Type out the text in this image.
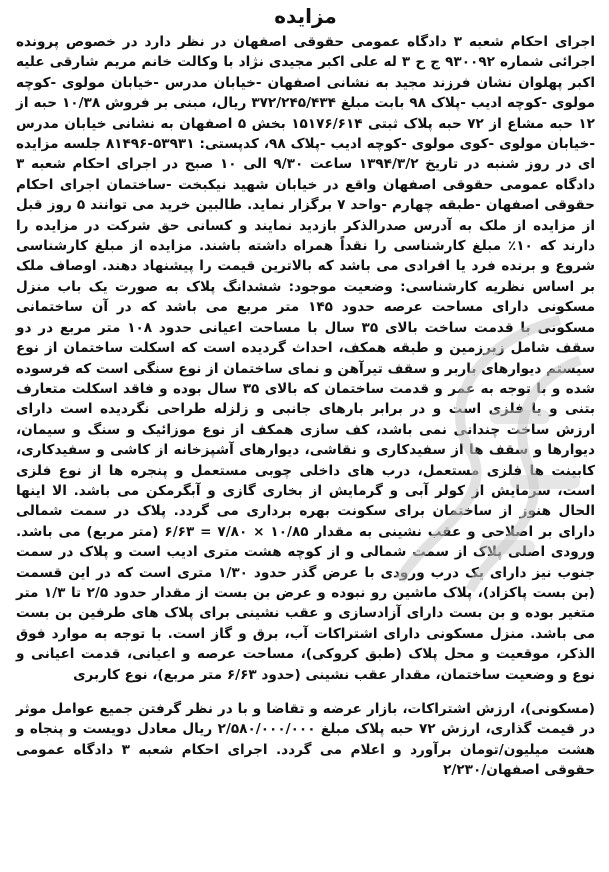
مزایده

اجرای احکام شعبه ۳ دادگاه عمومی حقوقی اصفهان در نظر دارد در خصوص پرونده اجرائی شماره ۹۳۰۰۹۲ ج ح ۳ له علی اکبر مجیدی نژاد با وکالت خانم مریم شارقی علیه اکبر پهلوان نشان فرزند مجید به نشانی اصفهان -خیابان مدرس -خیابان مولوی -کوچه مولوی -کوچه ادیب -پلاک ۹۸ بابت مبلغ ۳۷۲/۲۴۵/۴۳۴ ریال، مبنی بر فروش ۱۰/۳۸ حبه از ۱۲ حبه مشاع از ۷۲ حبه پلاک ثبتی ۱۵۱۷۶/۶۱۴ بخش ۵ اصفهان به نشانی خیابان مدرس -خیابان مولوی -کوی مولوی -کوچه ادیب -پلاک ۹۸، کدپستی: ۵۳۹۳۱-۸۱۴۹۶ جلسه مزایده ای در روز شنبه در تاریخ ۱۳۹۴/۳/۲ ساعت ۹/۳۰ الی ۱۰ صبح در اجرای احکام شعبه ۳ دادگاه عمومی حقوقی اصفهان واقع در خیابان شهید نیکبخت -ساختمان اجرای احکام حقوقی اصفهان -طبقه چهارم -واحد ۷ برگزار نماید. طالبین خرید می توانند ۵ روز قبل از مزایده از ملک به آدرس صدرالذکر بازدید نمایند و کسانی حق شرکت در مزایده را دارند که ۱۰٪ مبلغ کارشناسی را نقداً همراه داشته باشند. مزایده از مبلغ کارشناسی شروع و برنده فرد یا افرادی می باشد که بالاترین قیمت را پیشنهاد دهند. اوصاف ملک بر اساس نظریه کارشناسی: وضعیت موجود: ششدانگ پلاک به صورت یک باب منزل مسکونی دارای مساحت عرصه حدود ۱۴۵ متر مربع می باشد که در آن ساختمانی مسکونی با قدمت ساخت بالای ۳۵ سال با مساحت اعیانی حدود ۱۰۸ متر مربع در دو سقف شامل زیرزمین و طبقه همکف، احداث گردیده است که اسکلت ساختمان از نوع سیستم دیوارهای باربر و سقف تیرآهن و نمای ساختمان از نوع سنگی است که فرسوده شده و با توجه به عمر و قدمت ساختمان که بالای ۳۵ سال بوده و فاقد اسکلت متعارف بتنی و یا فلزی است و در برابر بارهای جانبی و زلزله طراحی نگردیده است دارای ارزش ساخت چندانی نمی باشد، کف سازی همکف از نوع موزائیک و سنگ و سیمان، دیوارها و سقف ها از سفیدکاری و نقاشی، دیوارهای آشپزخانه از کاشی و سفیدکاری، کابینت ها فلزی مستعمل، درب های داخلی چوبی مستعمل و پنجره ها از نوع فلزی است، سرمایش از کولر آبی و گرمایش از بخاری گازی و آبگرمکن می باشد. الا اینها الحال هنوز از ساختمان برای سکونت بهره برداری می گردد. پلاک در سمت شمالی دارای بر اصلاحی و عقب نشینی به مقدار ۱۰/۸۵ × ۷/۸۰ = ۶/۶۳ (متر مربع) می باشد. ورودی اصلی پلاک از سمت شمالی و از کوچه هشت متری ادیب است و پلاک در سمت جنوب نیز دارای یک درب ورودی با عرض گذر حدود ۱/۳۰ متری است که در این قسمت (بن بست پاکزاد)، پلاک ماشین رو نبوده و عرض بن بست از مقدار حدود ۲/۵ تا ۱/۳ متر متغیر بوده و بن بست دارای آزادسازی و عقب نشینی برای پلاک های طرفین بن بست می باشد. منزل مسکونی دارای اشتراکات آب، برق و گاز است. با توجه به موارد فوق الذکر، موقعیت و محل پلاک (طبق کروکی)، مساحت عرصه و اعیانی، قدمت اعیانی و نوع و وضعیت ساختمان، مقدار عقب نشینی (حدود ۶/۶۳ متر مربع)، نوع کاربری

(مسکونی)، ارزش اشتراکات، بازار عرضه و تقاضا و با در نظر گرفتن جمیع عوامل موثر در قیمت گذاری، ارزش ۷۲ حبه پلاک مبلغ ۲/۵۸۰/۰۰۰/۰۰۰ ریال معادل دویست و پنجاه و هشت میلیون/تومان برآورد و اعلام می گردد. اجرای احکام شعبه ۳ دادگاه عمومی حقوقی اصفهان/۲/۲۳۰
